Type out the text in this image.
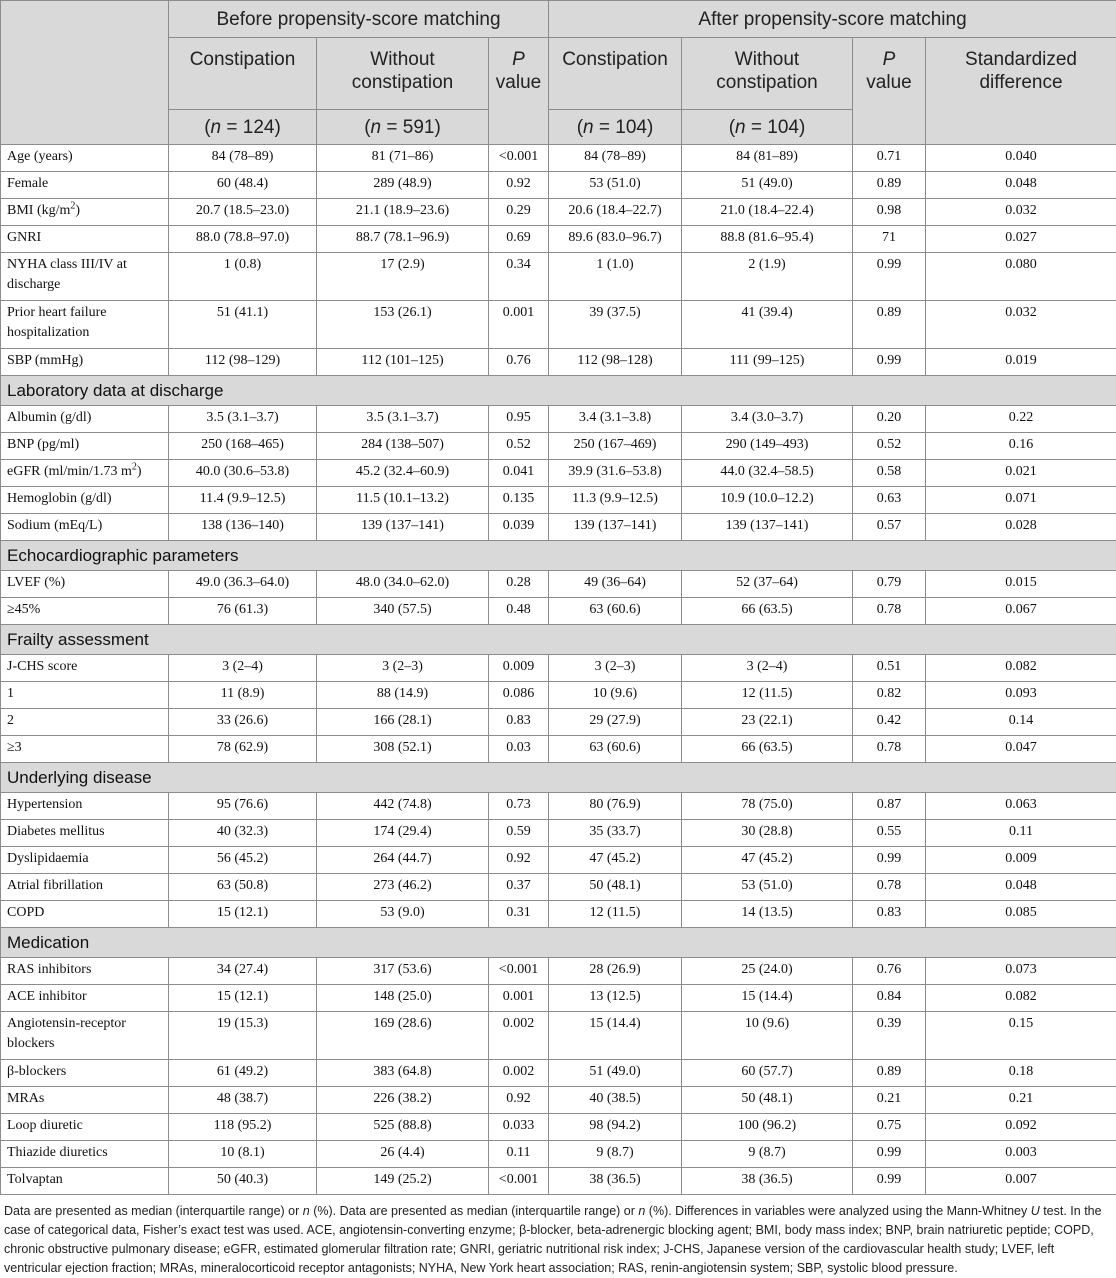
	Before propensity-score matching			After propensity-score matching			
	Constipation	Without constipation	P
value	Constipation	Without constipation	P
value	Standardized difference
	(n = 124)	(n = 591)		(n = 104)	(n = 104)		
Age (years)	84 (78–89)	81 (71–86)	<0.001	84 (78–89)	84 (81–89)	0.71	0.040
Female	60 (48.4)	289 (48.9)	0.92	53 (51.0)	51 (49.0)	0.89	0.048
BMI $(kg/m^2)$	20.7 (18.5–23.0)	21.1 (18.9–23.6)	0.29	20.6 (18.4–22.7)	21.0 (18.4–22.4)	0.98	0.032
GNRI	88.0 (78.8–97.0)	88.7 (78.1–96.9)	0.69	89.6 (83.0–96.7)	88.8 (81.6–95.4)	71	0.027
NYHA class III/IV at discharge	1 (0.8)	17 (2.9)	0.34	1 (1.0)	2 (1.9)	0.99	0.080
Prior heart failure hospitalization	51 (41.1)	153 (26.1)	0.001	39 (37.5)	41 (39.4)	0.89	0.032
SBP (mmHg)	112 (98–129)	112 (101–125)	0.76	112 (98–128)	111 (99–125)	0.99	0.019
Laboratory data at discharge							
Albumin (g/dl)	3.5 (3.1–3.7)	3.5 (3.1–3.7)	0.95	3.4 (3.1–3.8)	3.4 (3.0–3.7)	0.20	0.22
BNP (pg/ml)	250 (168–465)	284 (138–507)	0.52	250 (167–469)	290 (149–493)	0.52	0.16
eGFR (ml/min/1.73 $m^2$)	40.0 (30.6–53.8)	45.2 (32.4–60.9)	0.041	39.9 (31.6–53.8)	44.0 (32.4–58.5)	0.58	0.021
Hemoglobin (g/dl)	11.4 (9.9–12.5)	11.5 (10.1–13.2)	0.135	11.3 (9.9–12.5)	10.9 (10.0–12.2)	0.63	0.071
Sodium (mEq/L)	138 (136–140)	139 (137–141)	0.039	139 (137–141)	139 (137–141)	0.57	0.028
Echocardiographic parameters							
LVEF (%)	49.0 (36.3–64.0)	48.0 (34.0–62.0)	0.28	49 (36–64)	52 (37–64)	0.79	0.015
≥45%	76 (61.3)	340 (57.5)	0.48	63 (60.6)	66 (63.5)	0.78	0.067
Frailty assessment							
J-CHS score	3 (2–4)	3 (2–3)	0.009	3 (2–3)	3 (2–4)	0.51	0.082
1	11 (8.9)	88 (14.9)	0.086	10 (9.6)	12 (11.5)	0.82	0.093
2	33 (26.6)	166 (28.1)	0.83	29 (27.9)	23 (22.1)	0.42	0.14
≥3	78 (62.9)	308 (52.1)	0.03	63 (60.6)	66 (63.5)	0.78	0.047
Underlying disease							
Hypertension	95 (76.6)	442 (74.8)	0.73	80 (76.9)	78 (75.0)	0.87	0.063
Diabetes mellitus	40 (32.3)	174 (29.4)	0.59	35 (33.7)	30 (28.8)	0.55	0.11
Dyslipidaemia	56 (45.2)	264 (44.7)	0.92	47 (45.2)	47 (45.2)	0.99	0.009
Atrial fibrillation	63 (50.8)	273 (46.2)	0.37	50 (48.1)	53 (51.0)	0.78	0.048
COPD	15 (12.1)	53 (9.0)	0.31	12 (11.5)	14 (13.5)	0.83	0.085
Medication							
RAS inhibitors	34 (27.4)	317 (53.6)	<0.001	28 (26.9)	25 (24.0)	0.76	0.073
ACE inhibitor	15 (12.1)	148 (25.0)	0.001	13 (12.5)	15 (14.4)	0.84	0.082
Angiotensin-receptor blockers	19 (15.3)	169 (28.6)	0.002	15 (14.4)	10 (9.6)	0.39	0.15
β-blockers	61 (49.2)	383 (64.8)	0.002	51 (49.0)	60 (57.7)	0.89	0.18
MRAs	48 (38.7)	226 (38.2)	0.92	40 (38.5)	50 (48.1)	0.21	0.21
Loop diuretic	118 (95.2)	525 (88.8)	0.033	98 (94.2)	100 (96.2)	0.75	0.092
Thiazide diuretics	10 (8.1)	26 (4.4)	0.11	9 (8.7)	9 (8.7)	0.99	0.003
Tolvaptan	50 (40.3)	149 (25.2)	<0.001	38 (36.5)	38 (36.5)	0.99	0.007
Data are presented as median (interquartile range) or n (%). Data are presented as median (interquartile range) or n (%). Differences in variables were analyzed using the Mann-Whitney U test. In the case of categorical data, Fisher’s exact test was used. ACE, angiotensin-converting enzyme; β-blocker, beta-adrenergic blocking agent; BMI, body mass index; BNP, brain natriuretic peptide; COPD, chronic obstructive pulmonary disease; eGFR, estimated glomerular filtration rate; GNRI, geriatric nutritional risk index; J-CHS, Japanese version of the cardiovascular health study; LVEF, left ventricular ejection fraction; MRAs, mineralocorticoid receptor antagonists; NYHA, New York heart association; RAS, renin-angiotensin system; SBP, systolic blood pressure.
